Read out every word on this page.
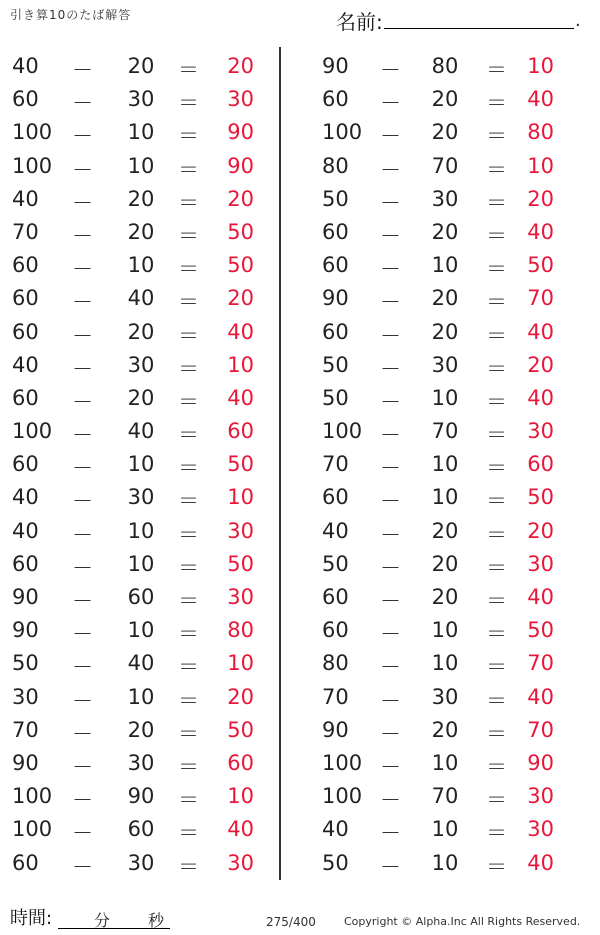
引き算10のたば解答	名前:	.
40	－	20	＝	20
60	－	30	＝	30
100 －	10	＝	90
100 －	10	＝	90
40	－	20	＝	20
70	－	20	＝	50
60	－	10	＝	50
60	－	40	＝	20
60	－	20	＝	40
40	－	30	＝	10
60	－	20	＝	40
100 －	40	＝	60
60	－	10	＝	50
40	－	30	＝	10
40	－	10	＝	30
60	－	10	＝	50
90	－	60	＝	30
90	－	10	＝	80
50	－	40	＝	10
30	－	10	＝	20
70	－	20	＝	50
90	－	30	＝	60
100 －	90	＝	10
100 －	60	＝	40
60	－	30	＝	30
90	－	80	＝ 10
60	－	20	＝ 40
100 －	20	＝ 80
80	－	70	＝ 10
50	－	30	＝ 20
60	－	20	＝ 40
60	－	10	＝ 50
90	－	20	＝ 70
60	－	20	＝ 40
50	－	30	＝ 20
50	－	10	＝ 40
100 －	70	＝ 30
70	－	10	＝ 60
60	－	10	＝ 50
40	－	20	＝ 20
50	－	20	＝ 30
60	－	20	＝ 40
60	－	10	＝ 50
80	－	10	＝ 70
70	－	30	＝ 40
90	－	20	＝ 70
100 －	10	＝ 90
100 －	70	＝ 30
40	－	10	＝ 30
50	－	10	＝ 40
時間:	分 秒	275/400	Copyright © Alpha.Inc All Rights Reserved.
